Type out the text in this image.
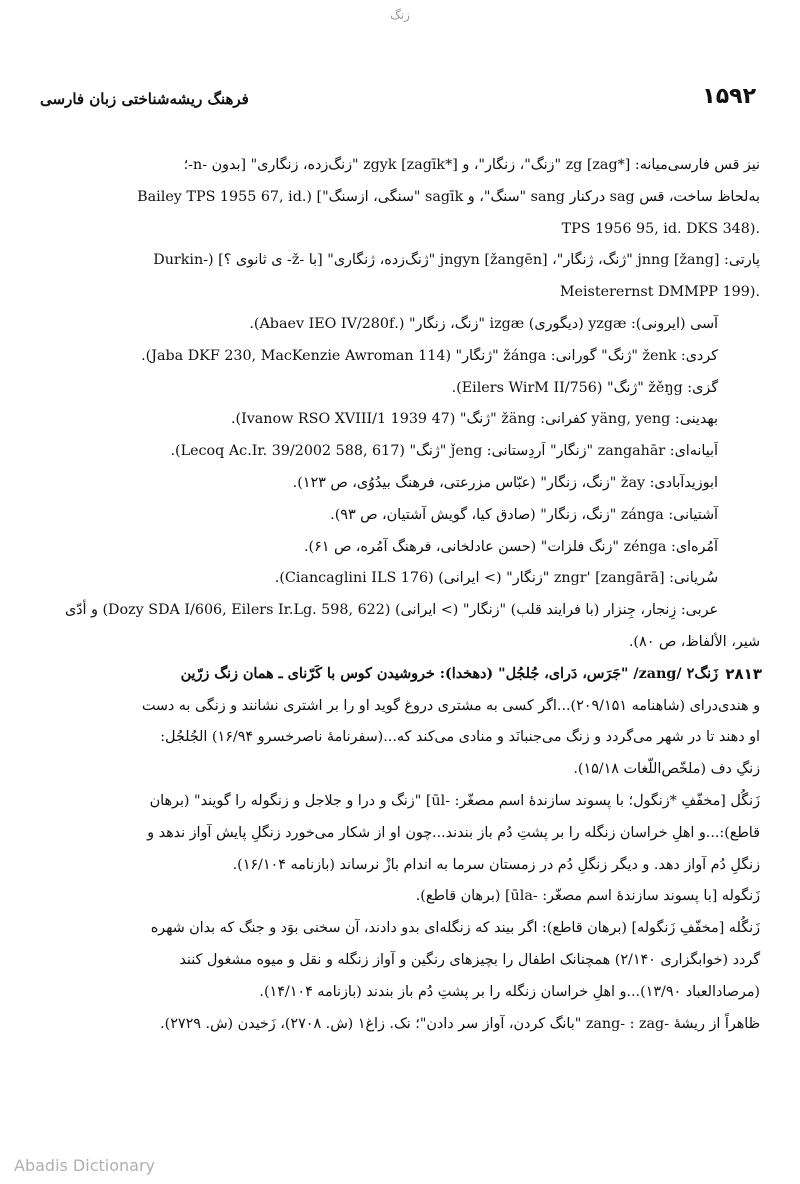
زنگ
۱۵۹۲
فرهنگ ریشه‌شناختی زبان فارسی

نیز قس فارسی‌میانه: zg [zag*] "زنگ"، زنگار"، و zgyk [zagīk*] "زنگ‌زده، زنگاری" [بدون -n-؛

به‌لحاظ ساخت، قس sag درکنار sang "سنگ"، و sagīk "سنگی، ازسنگ"] (.Bailey TPS 1955 67, id

.(TPS 1956 95, id. DKS 348

پارتی: jnng [žang] "ژنگ، ژنگار"، jngyn [žangēn] "ژنگ‌زده، ژنگاری" [با -ž- ی ثانوی ؟] (-Durkin

.(Meisterernst DMMPP 199

آسی (ایرونی): yzgæ (دیگوری) izgæ "زنگ، زنگار" (.Abaev IEO IV/280f).

کردی: ženk "ژنگ" گورانی: žánga "ژنگار" (Jaba DKF 230, MacKenzie Awroman 114).

گزی: žěŋg "ژنگ" (Eilers WirM II/756).

بهدینی: yäng, yeng کفرانی: žäng "ژنگ" (Ivanow RSO XVIII/1 1939 47).

اَبیانه‌ای: zangahār "زنگار" اَردِستانی: ǰeng "ژنگ" (Lecoq Ac.Ir. 39/2002 588, 617).

ابوزیدآبادی: žay "زنگ، زنگار" (عبّاس مزرعتی، فرهنگ بیدُوُی، ص ۱۲۳).

آشتیانی: zánga "زنگ، زنگار" (صادق کیا، گویش آشتیان، ص ۹۳).

آمُره‌ای: zénga "زنگ فلزات" (حسن عادلخانی، فرهنگ آمُره، ص ۶۱).

سُریانی: zngr' [zangārā] "زنگار" (> ایرانی) (Ciancaglini ILS 176).

عربی: زِنجار، جِنزار (با فرایند قلب) "زنگار" (> ایرانی) (Dozy SDA I/606, Eilers Ir.Lg. 598, 622) و أدّی

شیر، الألفاظ، ص ۸۰).

۲۸۱۳

زَنگ۲ /zang/ "جَرَس، دَرای، جُلجُل" (دهخدا): خروشیدن کوس با کَرّنای ـ همان زنگ زرّین

و هندی‌درای (شاهنامه ۲۰۹/۱۵۱)...اگر کسی به مشتری دروغ گوید او را بر اشتری نشانند و زنگی به دست

او دهند تا در شهر می‌گردد و زنگ می‌جنبانَد و منادی می‌کند که...(سفرنامهٔ ناصرخسرو ۱۶/۹۴) الجُلجُل:

زنگِ دف (ملخّص‌اللّغات ۱۵/۱۸).

زَنگُل [مخفّفِ *زنگول؛ با پسوند سازندهٔ اسم مصغّر: -ūl] "زنگ و درا و جلاجل و زنگوله را گویند" (برهان

قاطع):...و اهلِ خراسان زنگله را بر پشتِ دُم باز بندند...چون او از شکار می‌خورد زنگلِ پایش آواز ندهد و

زنگلِ دُم آواز دهد. و دیگر زنگلِ دُم در زمستان سرما به اندام بازْ نرساند (بازنامه ۱۶/۱۰۴).

زَنگوله [با پسوند سازندهٔ اسم مصغّر: -ūla] (برهان قاطع).

زَنگُله [مخفّفِ زَنگوله] (برهان قاطع): اگر بیند که زنگله‌ای بدو دادند، آن سخنی بوَد و جنگ که بدان شهره

گردد (خوابگزاری ۲/۱۴۰) همچنانک اطفال را بچیزهای رنگین و آواز زنگله و نقل و میوه مشغول کنند

(مرصادالعباد ۱۳/۹۰)...و اهلِ خراسان زنگله را بر پشتِ دُم باز بندند (بازنامه ۱۴/۱۰۴).

ظاهراً از ریشهٔ -zang- : zag "بانگ کردن، آواز سر دادن"؛ نک. زاغ۱ (ش. ۲۷۰۸)، زَخیدن (ش. ۲۷۲۹).

Abadis Dictionary
